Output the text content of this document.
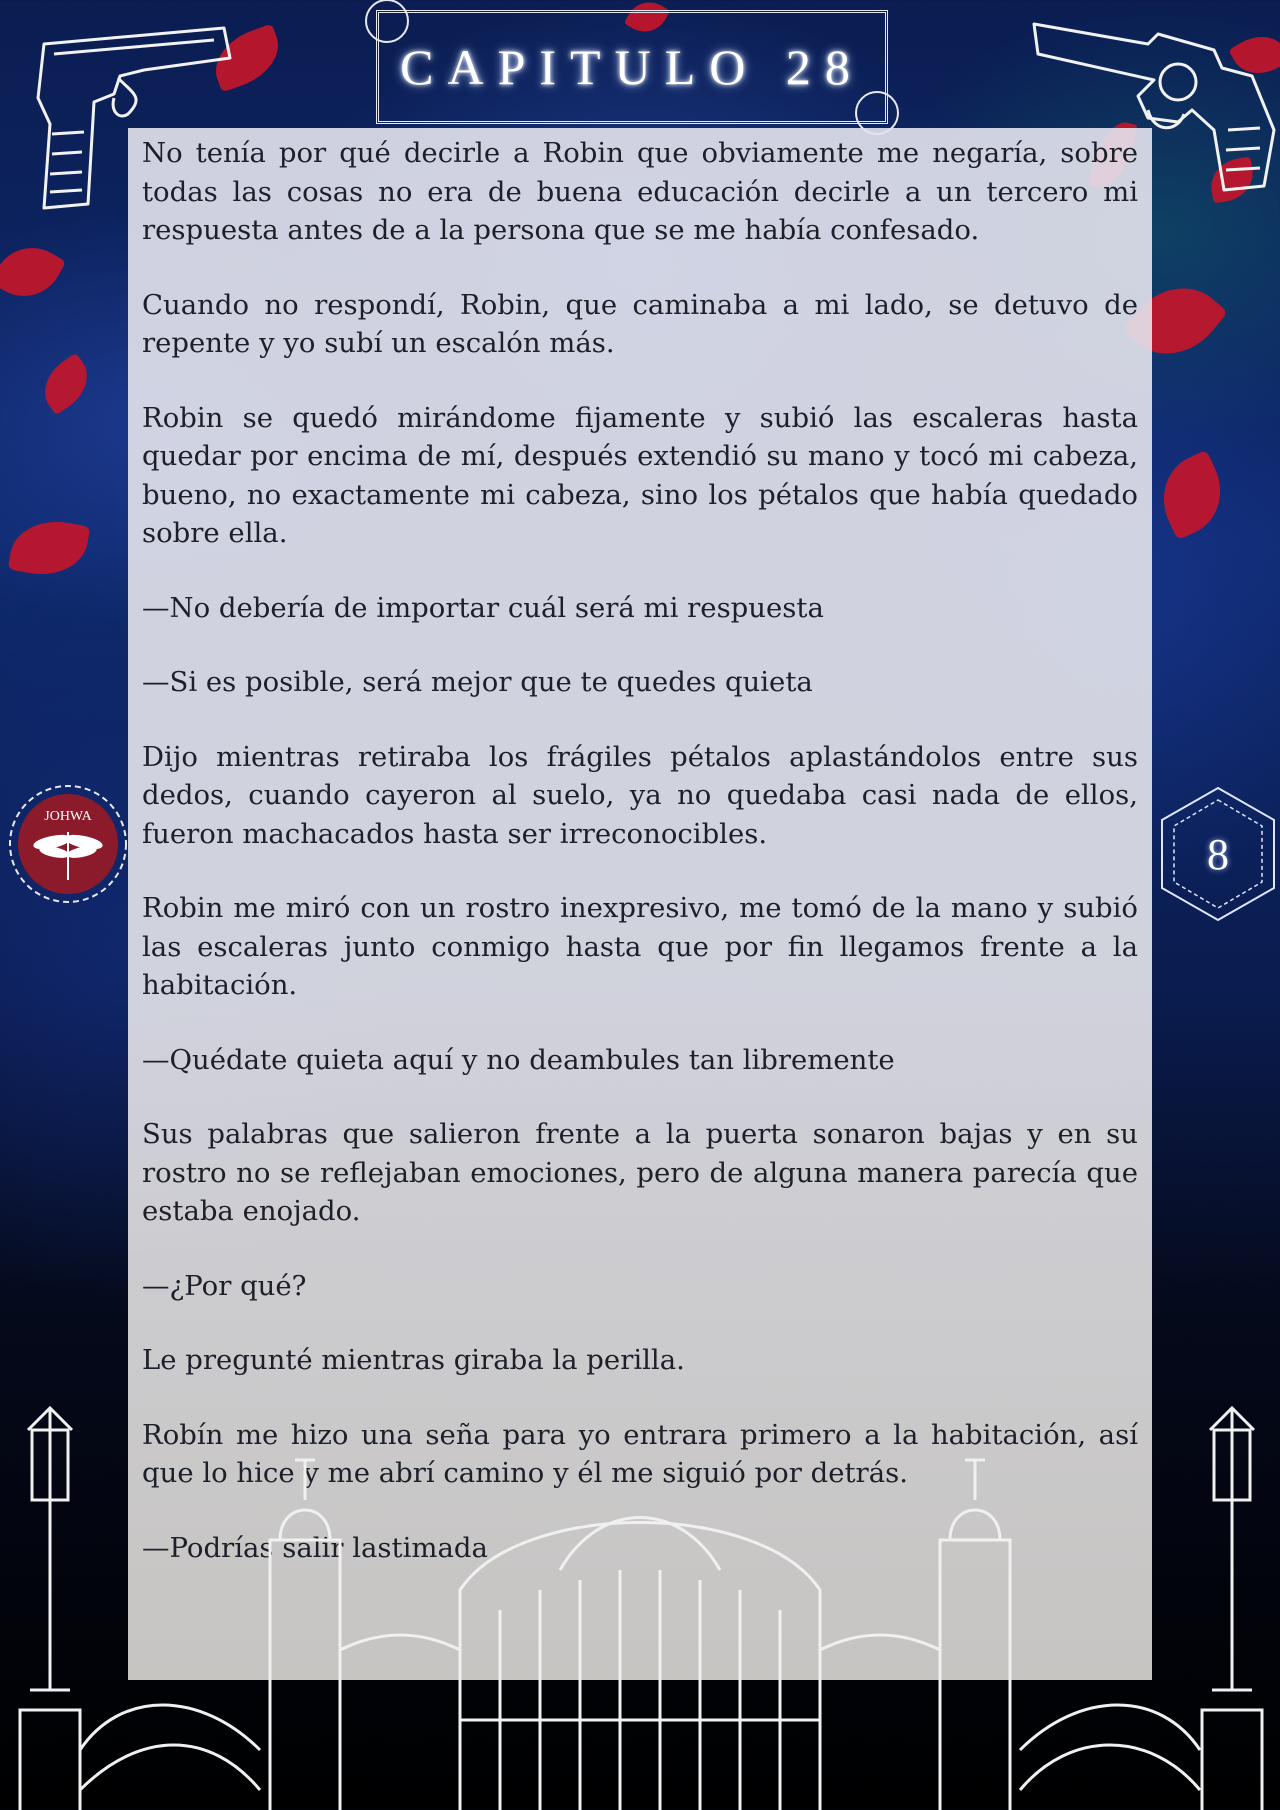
CAPITULO 28
JOHWA
8

No tenía por qué decirle a Robin que obviamente me negaría, sobre todas las cosas no era de buena educación decirle a un tercero mi respuesta antes de a la persona que se me había confesado.

Cuando no respondí, Robin, que caminaba a mi lado, se detuvo de repente y yo subí un escalón más.

Robin se quedó mirándome fijamente y subió las escaleras hasta quedar por encima de mí, después extendió su mano y tocó mi cabeza, bueno, no exactamente mi cabeza, sino los pétalos que había quedado sobre ella.

—No debería de importar cuál será mi respuesta

—Si es posible, será mejor que te quedes quieta

Dijo mientras retiraba los frágiles pétalos aplastándolos entre sus dedos, cuando cayeron al suelo, ya no quedaba casi nada de ellos, fueron machacados hasta ser irreconocibles.

Robin me miró con un rostro inexpresivo, me tomó de la mano y subió las escaleras junto conmigo hasta que por fin llegamos frente a la habitación.

—Quédate quieta aquí y no deambules tan libremente

Sus palabras que salieron frente a la puerta sonaron bajas y en su rostro no se reflejaban emociones, pero de alguna manera parecía que estaba enojado.

—¿Por qué?

Le pregunté mientras giraba la perilla.

Robín me hizo una seña para yo entrara primero a la habitación, así que lo hice y me abrí camino y él me siguió por detrás.

—Podrías salir lastimada
